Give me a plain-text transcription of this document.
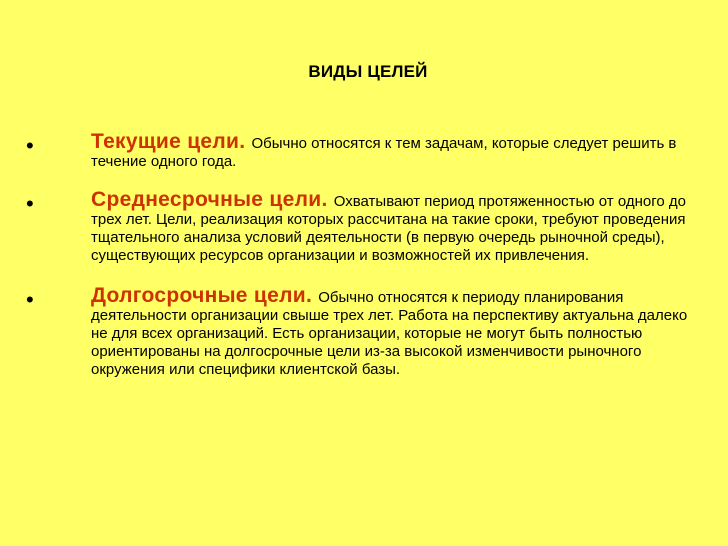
ВИДЫ ЦЕЛЕЙ
•	Текущие цели. Обычно относятся к тем задачам, которые следует решить в течение одного года.
•	Среднесрочные цели. Охватывают период протяженностью от одного до трех лет. Цели, реализация которых рассчитана на такие сроки, требуют проведения тщательного анализа условий деятельности (в первую очередь рыночной среды), существующих ресурсов организации и возможностей их привлечения.
•	Долгосрочные цели. Обычно относятся к периоду планирования деятельности организации свыше трех лет. Работа на перспективу актуальна далеко не для всех организаций. Есть организации, которые не могут быть полностью ориентированы на долгосрочные цели из-за высокой изменчивости рыночного окружения или специфики клиентской базы.
